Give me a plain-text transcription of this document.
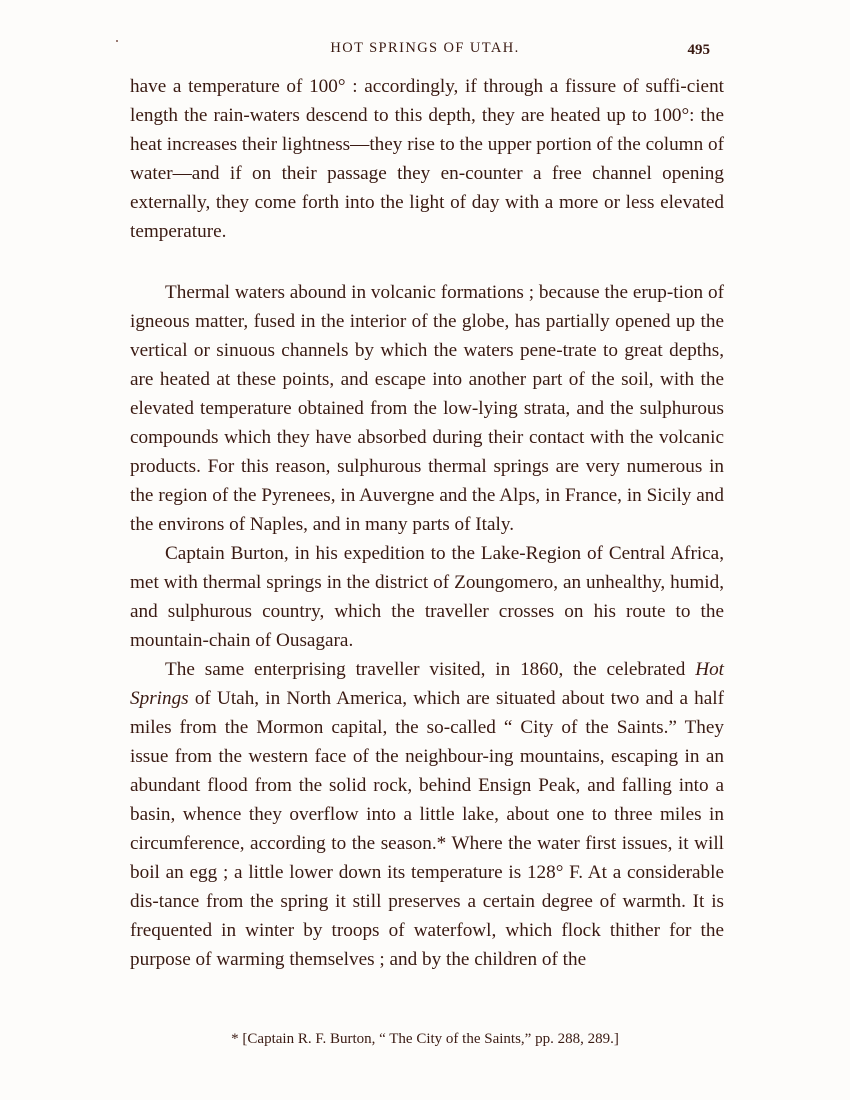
HOT SPRINGS OF UTAH.	495

have a temperature of 100° : accordingly, if through a fissure of suffi-cient length the rain-waters descend to this depth, they are heated up to 100°: the heat increases their lightness—they rise to the upper portion of the column of water—and if on their passage they en-counter a free channel opening externally, they come forth into the light of day with a more or less elevated temperature.

Thermal waters abound in volcanic formations ; because the erup-tion of igneous matter, fused in the interior of the globe, has partially opened up the vertical or sinuous channels by which the waters pene-trate to great depths, are heated at these points, and escape into another part of the soil, with the elevated temperature obtained from the low-lying strata, and the sulphurous compounds which they have absorbed during their contact with the volcanic products. For this reason, sulphurous thermal springs are very numerous in the region of the Pyrenees, in Auvergne and the Alps, in France, in Sicily and the environs of Naples, and in many parts of Italy.

Captain Burton, in his expedition to the Lake-Region of Central Africa, met with thermal springs in the district of Zoungomero, an unhealthy, humid, and sulphurous country, which the traveller crosses on his route to the mountain-chain of Ousagara.

The same enterprising traveller visited, in 1860, the celebrated Hot Springs of Utah, in North America, which are situated about two and a half miles from the Mormon capital, the so-called “ City of the Saints.” They issue from the western face of the neighbour-ing mountains, escaping in an abundant flood from the solid rock, behind Ensign Peak, and falling into a basin, whence they overflow into a little lake, about one to three miles in circumference, according to the season.* Where the water first issues, it will boil an egg ; a little lower down its temperature is 128° F. At a considerable dis-tance from the spring it still preserves a certain degree of warmth. It is frequented in winter by troops of waterfowl, which flock thither for the purpose of warming themselves ; and by the children of the

* [Captain R. F. Burton, “ The City of the Saints,” pp. 288, 289.]
